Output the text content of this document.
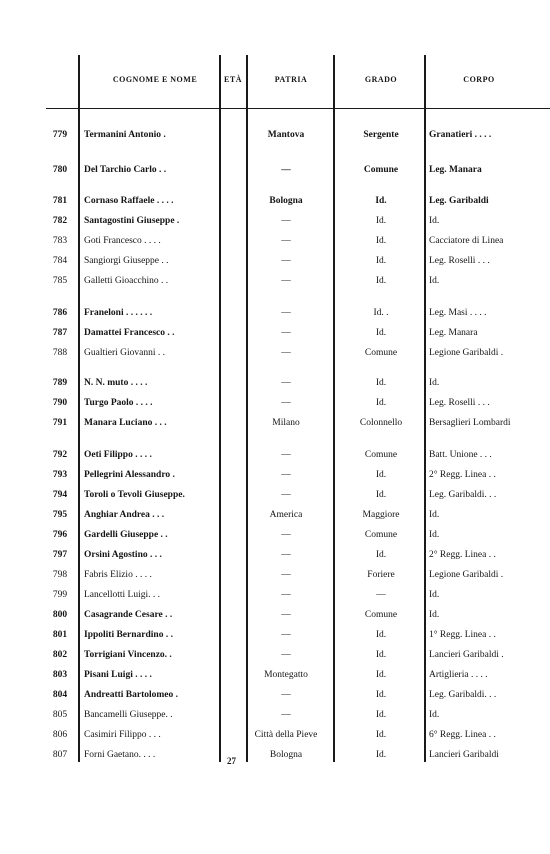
COGNOME E NOME	ETÀ	PATRIA	GRADO	CORPO
779	Termanini Antonio .	Mantova	Sergente	Granatieri . . . .
780	Del Tarchio Carlo . .	—	Comune	Leg. Manara
781	Cornaso Raffaele . . . .	Bologna	Id.	Leg. Garibaldi
782	Santagostini Giuseppe .	—	Id.	Id.
783	Goti Francesco . . . .	—	Id.	Cacciatore di Linea
784	Sangiorgi Giuseppe . .	—	Id.	Leg. Roselli . . .
785	Galletti Gioacchino . .	—	Id.	Id.
786	Franeloni . . . . . .	—	Id. .	Leg. Masi . . . .
787	Damattei Francesco . .	—	Id.	Leg. Manara
788	Gualtieri Giovanni . .	—	Comune	Legione Garibaldi .
789	N. N. muto . . . .	—	Id.	Id.
790	Turgo Paolo . . . .	—	Id.	Leg. Roselli . . .
791	Manara Luciano . . .	Milano	Colonnello	Bersaglieri Lombardi
792	Oeti Filippo . . . .	—	Comune	Batt. Unione . . .
793	Pellegrini Alessandro .	—	Id.	2° Regg. Linea . .
794	Toroli o Tevoli Giuseppe.	—	Id.	Leg. Garibaldi. . .
795	Anghiar Andrea . . .	America	Maggiore	Id.
796	Gardelli Giuseppe . .	—	Comune	Id.
797	Orsini Agostino . . .	—	Id.	2° Regg. Linea . .
798	Fabris Elizio . . . .	—	Foriere	Legione Garibaldi .
799	Lancellotti Luigi. . .	—	—	Id.
800	Casagrande Cesare . .	—	Comune	Id.
801	Ippoliti Bernardino . .	—	Id.	1° Regg. Linea . .
802	Torrigiani Vincenzo. .	—	Id.	Lancieri Garibaldi .
803	Pisani Luigi . . . .	Montegatto	Id.	Artiglieria . . . .
804	Andreatti Bartolomeo .	—	Id.	Leg. Garibaldi. . .
805	Bancamelli Giuseppe. .	—	Id.	Id.
806	Casimiri Filippo . . .	Città della Pieve	Id.	6° Regg. Linea . .
807	Forni Gaetano. . . .	Bologna	Id.	Lancieri Garibaldi
27
